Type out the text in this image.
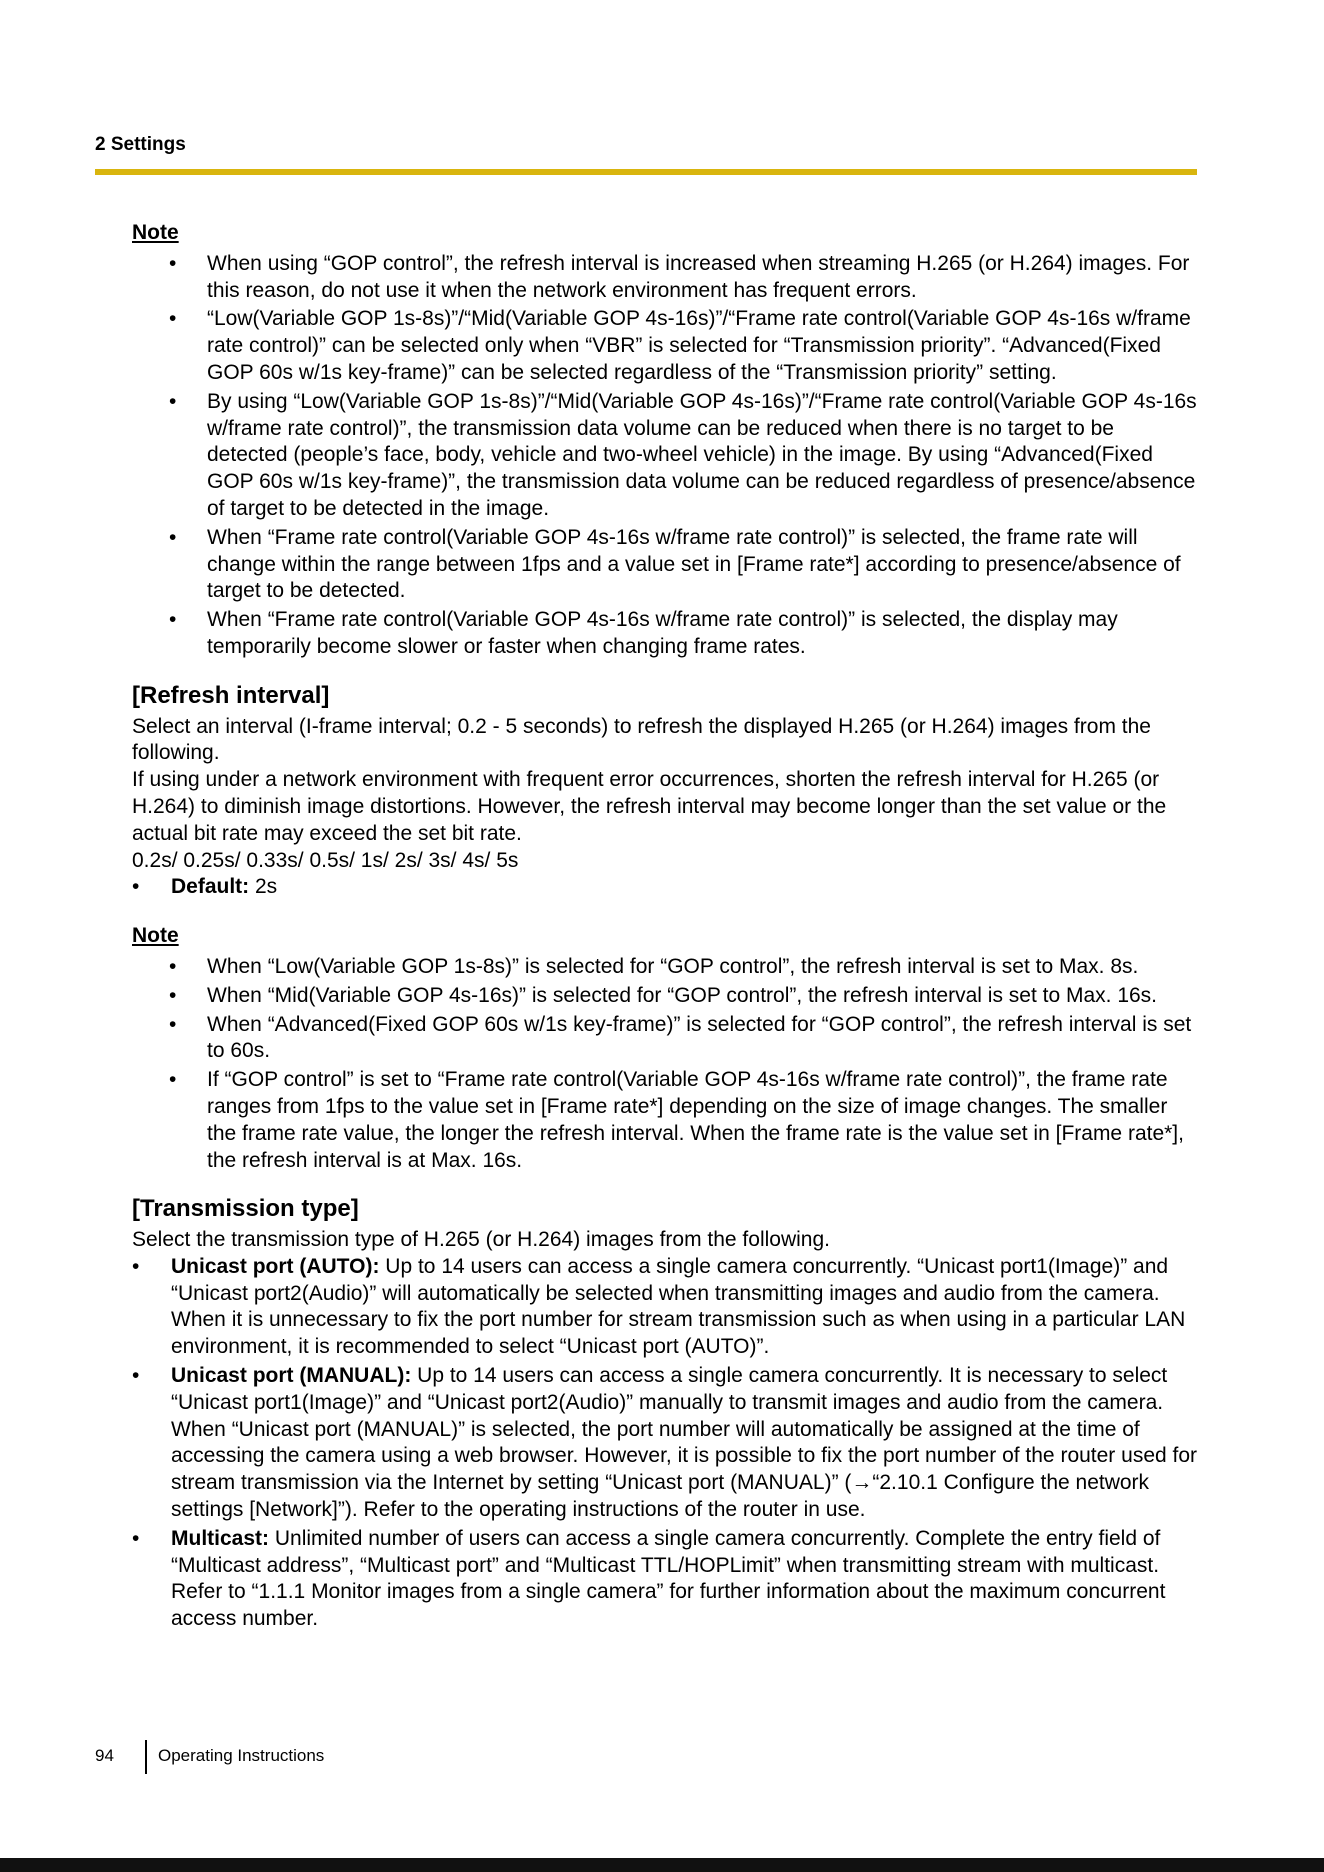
2 Settings
Note
• When using “GOP control”, the refresh interval is increased when streaming H.265 (or H.264) images. For this reason, do not use it when the network environment has frequent errors.
• “Low(Variable GOP 1s-8s)”/“Mid(Variable GOP 4s-16s)”/“Frame rate control(Variable GOP 4s-16s w/frame rate control)” can be selected only when “VBR” is selected for “Transmission priority”. “Advanced(Fixed GOP 60s w/1s key-frame)” can be selected regardless of the “Transmission priority” setting.
• By using “Low(Variable GOP 1s-8s)”/“Mid(Variable GOP 4s-16s)”/“Frame rate control(Variable GOP 4s-16s w/frame rate control)”, the transmission data volume can be reduced when there is no target to be detected (people’s face, body, vehicle and two-wheel vehicle) in the image. By using “Advanced(Fixed GOP 60s w/1s key-frame)”, the transmission data volume can be reduced regardless of presence/absence of target to be detected in the image.
• When “Frame rate control(Variable GOP 4s-16s w/frame rate control)” is selected, the frame rate will change within the range between 1fps and a value set in [Frame rate*] according to presence/absence of target to be detected.
• When “Frame rate control(Variable GOP 4s-16s w/frame rate control)” is selected, the display may temporarily become slower or faster when changing frame rates.
[Refresh interval]

Select an interval (I-frame interval; 0.2 - 5 seconds) to refresh the displayed H.265 (or H.264) images from the following.

If using under a network environment with frequent error occurrences, shorten the refresh interval for H.265 (or H.264) to diminish image distortions. However, the refresh interval may become longer than the set value or the actual bit rate may exceed the set bit rate.

0.2s/ 0.25s/ 0.33s/ 0.5s/ 1s/ 2s/ 3s/ 4s/ 5s

• Default: 2s
Note
• When “Low(Variable GOP 1s-8s)” is selected for “GOP control”, the refresh interval is set to Max. 8s.
• When “Mid(Variable GOP 4s-16s)” is selected for “GOP control”, the refresh interval is set to Max. 16s.
• When “Advanced(Fixed GOP 60s w/1s key-frame)” is selected for “GOP control”, the refresh interval is set to 60s.
• If “GOP control” is set to “Frame rate control(Variable GOP 4s-16s w/frame rate control)”, the frame rate ranges from 1fps to the value set in [Frame rate*] depending on the size of image changes. The smaller the frame rate value, the longer the refresh interval. When the frame rate is the value set in [Frame rate*], the refresh interval is at Max. 16s.
[Transmission type]

Select the transmission type of H.265 (or H.264) images from the following.

• Unicast port (AUTO): Up to 14 users can access a single camera concurrently. “Unicast port1(Image)” and “Unicast port2(Audio)” will automatically be selected when transmitting images and audio from the camera. When it is unnecessary to fix the port number for stream transmission such as when using in a particular LAN environment, it is recommended to select “Unicast port (AUTO)”.
• Unicast port (MANUAL): Up to 14 users can access a single camera concurrently. It is necessary to select “Unicast port1(Image)” and “Unicast port2(Audio)” manually to transmit images and audio from the camera. When “Unicast port (MANUAL)” is selected, the port number will automatically be assigned at the time of accessing the camera using a web browser. However, it is possible to fix the port number of the router used for stream transmission via the Internet by setting “Unicast port (MANUAL)” (→“2.10.1 Configure the network settings [Network]”). Refer to the operating instructions of the router in use.
• Multicast: Unlimited number of users can access a single camera concurrently. Complete the entry field of “Multicast address”, “Multicast port” and “Multicast TTL/HOPLimit” when transmitting stream with multicast. Refer to “1.1.1 Monitor images from a single camera” for further information about the maximum concurrent access number.
94	Operating Instructions
